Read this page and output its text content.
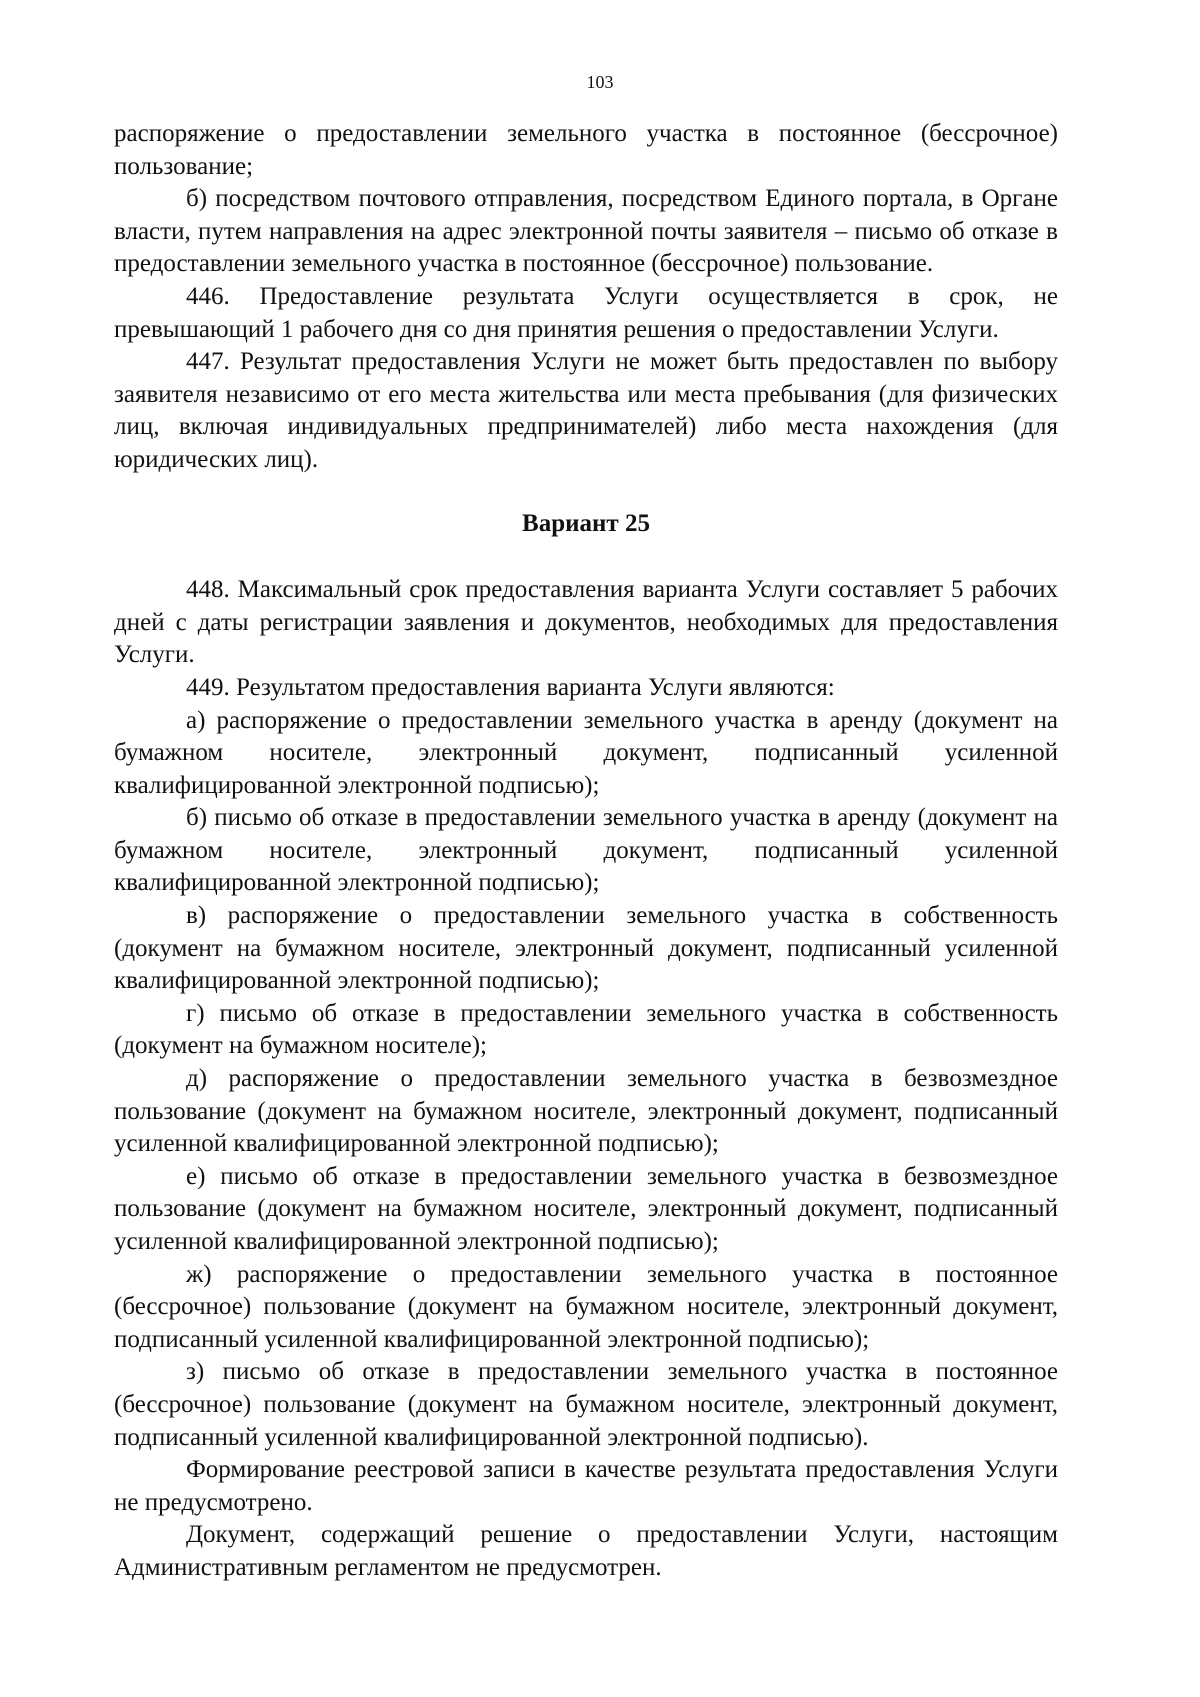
103

распоряжение о предоставлении земельного участка в постоянное (бессрочное) пользование;

б) посредством почтового отправления, посредством Единого портала, в Органе власти, путем направления на адрес электронной почты заявителя – письмо об отказе в предоставлении земельного участка в постоянное (бессрочное) пользование.

446. Предоставление результата Услуги осуществляется в срок, не превышающий 1 рабочего дня со дня принятия решения о предоставлении Услуги.

447. Результат предоставления Услуги не может быть предоставлен по выбору заявителя независимо от его места жительства или места пребывания (для физических лиц, включая индивидуальных предпринимателей) либо места нахождения (для юридических лиц).

Вариант 25

448. Максимальный срок предоставления варианта Услуги составляет 5 рабочих дней с даты регистрации заявления и документов, необходимых для предоставления Услуги.

449. Результатом предоставления варианта Услуги являются:

а) распоряжение о предоставлении земельного участка в аренду (документ на бумажном носителе, электронный документ, подписанный усиленной квалифицированной электронной подписью);

б) письмо об отказе в предоставлении земельного участка в аренду (документ на бумажном носителе, электронный документ, подписанный усиленной квалифицированной электронной подписью);

в) распоряжение о предоставлении земельного участка в собственность (документ на бумажном носителе, электронный документ, подписанный усиленной квалифицированной электронной подписью);

г) письмо об отказе в предоставлении земельного участка в собственность (документ на бумажном носителе);

д) распоряжение о предоставлении земельного участка в безвозмездное пользование (документ на бумажном носителе, электронный документ, подписанный усиленной квалифицированной электронной подписью);

е) письмо об отказе в предоставлении земельного участка в безвозмездное пользование (документ на бумажном носителе, электронный документ, подписанный усиленной квалифицированной электронной подписью);

ж) распоряжение о предоставлении земельного участка в постоянное (бессрочное) пользование (документ на бумажном носителе, электронный документ, подписанный усиленной квалифицированной электронной подписью);

з) письмо об отказе в предоставлении земельного участка в постоянное (бессрочное) пользование (документ на бумажном носителе, электронный документ, подписанный усиленной квалифицированной электронной подписью).

Формирование реестровой записи в качестве результата предоставления Услуги не предусмотрено.

Документ, содержащий решение о предоставлении Услуги, настоящим Административным регламентом не предусмотрен.
